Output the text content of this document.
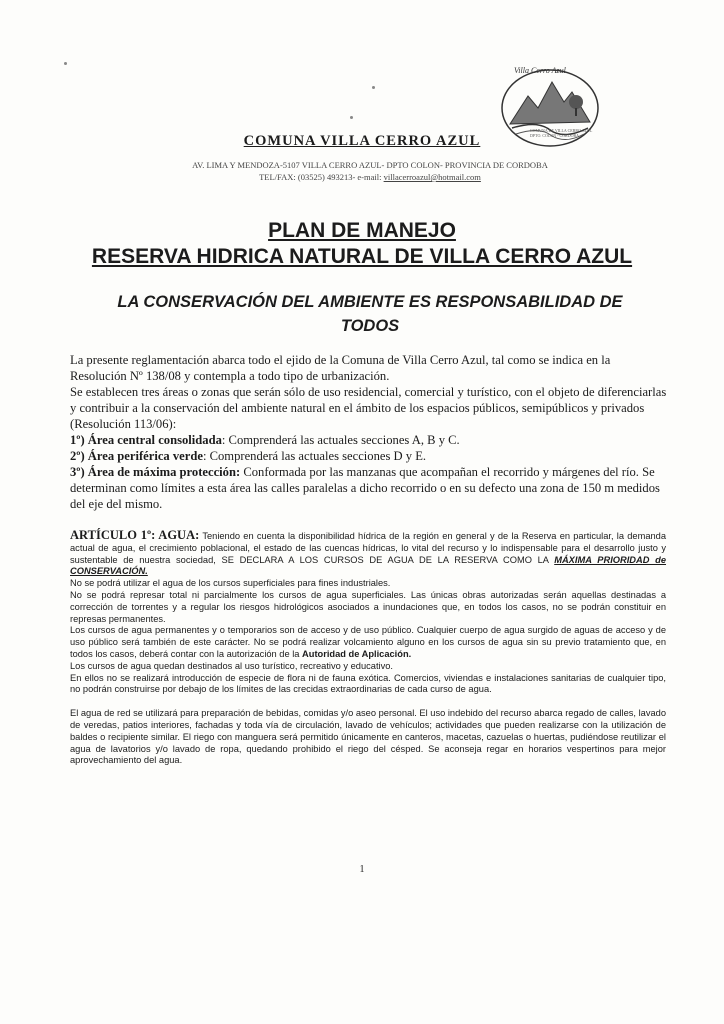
Villa Cerro Azul
COMUNA DE VILLA CERRO AZUL DPTO. COLON - CORDOBA
COMUNA VILLA CERRO AZUL
AV. LIMA Y MENDOZA-5107 VILLA CERRO AZUL- DPTO COLON- PROVINCIA DE CORDOBA
TEL/FAX: (03525) 493213- e-mail: villacerroazul@hotmail.com
PLAN DE MANEJO
RESERVA HIDRICA NATURAL DE VILLA CERRO AZUL
LA CONSERVACIÓN DEL AMBIENTE ES RESPONSABILIDAD DE TODOS

La presente reglamentación abarca todo el ejido de la Comuna de Villa Cerro Azul, tal como se indica en la Resolución Nº 138/08 y contempla a todo tipo de urbanización.

Se establecen tres áreas o zonas que serán sólo de uso residencial, comercial y turístico, con el objeto de diferenciarlas y contribuir a la conservación del ambiente natural en el ámbito de los espacios públicos, semipúblicos y privados (Resolución 113/06):

1º) Área central consolidada: Comprenderá las actuales secciones A, B y C.

2º) Área periférica verde: Comprenderá las actuales secciones D y E.

3º) Área de máxima protección: Conformada por las manzanas que acompañan el recorrido y márgenes del río. Se determinan como límites a esta área las calles paralelas a dicho recorrido o en su defecto una zona de 150 m medidos del eje del mismo.

ARTÍCULO 1º: AGUA: Teniendo en cuenta la disponibilidad hídrica de la región en general y de la Reserva en particular, la demanda actual de agua, el crecimiento poblacional, el estado de las cuencas hídricas, lo vital del recurso y lo indispensable para el desarrollo justo y sustentable de nuestra sociedad, SE DECLARA A LOS CURSOS DE AGUA DE LA RESERVA COMO LA MÁXIMA PRIORIDAD de CONSERVACIÓN.

No se podrá utilizar el agua de los cursos superficiales para fines industriales.

No se podrá represar total ni parcialmente los cursos de agua superficiales. Las únicas obras autorizadas serán aquellas destinadas a corrección de torrentes y a regular los riesgos hidrológicos asociados a inundaciones que, en todos los casos, no se podrán constituir en represas permanentes.

Los cursos de agua permanentes y o temporarios son de acceso y de uso público. Cualquier cuerpo de agua surgido de aguas de acceso y de uso público será también de este carácter. No se podrá realizar volcamiento alguno en los cursos de agua sin su previo tratamiento que, en todos los casos, deberá contar con la autorización de la Autoridad de Aplicación.

Los cursos de agua quedan destinados al uso turístico, recreativo y educativo.

En ellos no se realizará introducción de especie de flora ni de fauna exótica. Comercios, viviendas e instalaciones sanitarias de cualquier tipo, no podrán construirse por debajo de los límites de las crecidas extraordinarias de cada curso de agua.

El agua de red se utilizará para preparación de bebidas, comidas y/o aseo personal. El uso indebido del recurso abarca regado de calles, lavado de veredas, patios interiores, fachadas y toda vía de circulación, lavado de vehículos; actividades que pueden realizarse con la utilización de baldes o recipiente similar. El riego con manguera será permitido únicamente en canteros, macetas, cazuelas o huertas, pudiéndose reutilizar el agua de lavatorios y/o lavado de ropa, quedando prohibido el riego del césped. Se aconseja regar en horarios vespertinos para mejor aprovechamiento del agua.

1
